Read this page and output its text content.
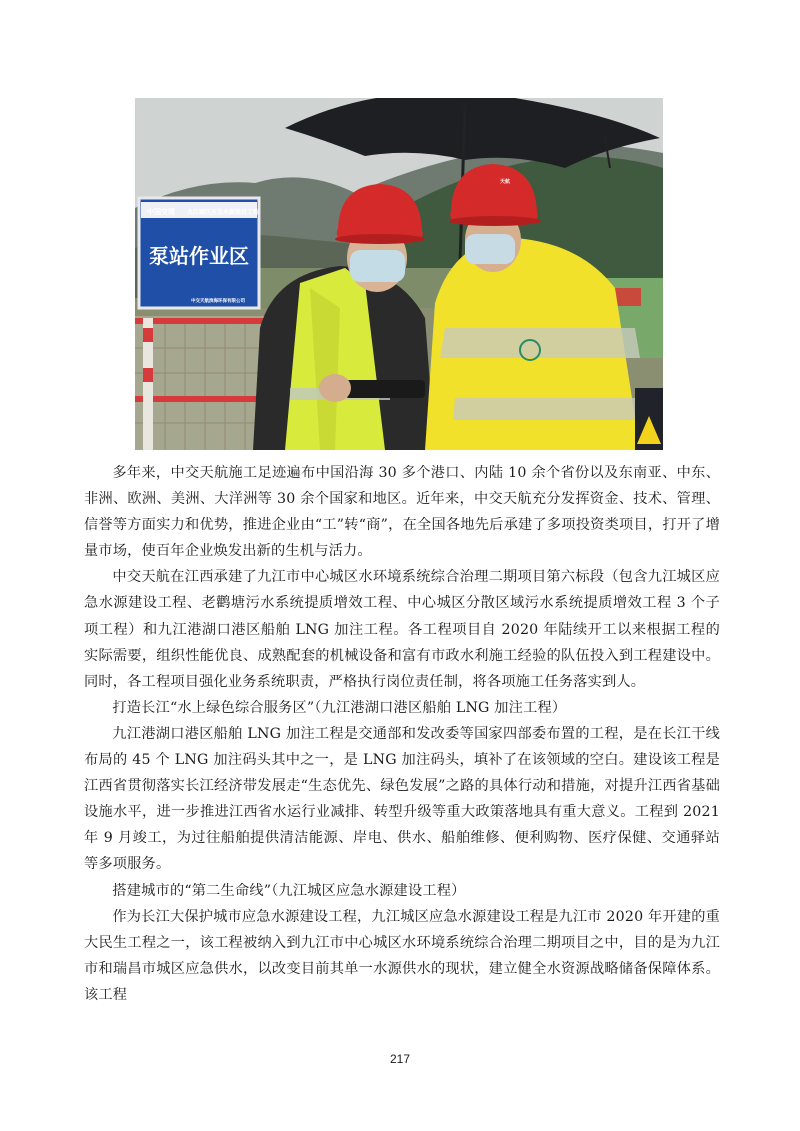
中国交建 九江城区应急水源建设工程
泵站作业区
中交天航滨海环保有限公司
天航

多年来，中交天航施工足迹遍布中国沿海 30 多个港口、内陆 10 余个省份以及东南亚、中东、非洲、欧洲、美洲、大洋洲等 30 余个国家和地区。近年来，中交天航充分发挥资金、技术、管理、信誉等方面实力和优势，推进企业由“工”转“商”，在全国各地先后承建了多项投资类项目，打开了增量市场，使百年企业焕发出新的生机与活力。

中交天航在江西承建了九江市中心城区水环境系统综合治理二期项目第六标段（包含九江城区应急水源建设工程、老鹳塘污水系统提质增效工程、中心城区分散区域污水系统提质增效工程 3 个子项工程）和九江港湖口港区船舶 LNG 加注工程。各工程项目自 2020 年陆续开工以来根据工程的实际需要，组织性能优良、成熟配套的机械设备和富有市政水利施工经验的队伍投入到工程建设中。同时，各工程项目强化业务系统职责，严格执行岗位责任制，将各项施工任务落实到人。

打造长江“水上绿色综合服务区”（九江港湖口港区船舶 LNG 加注工程）

九江港湖口港区船舶 LNG 加注工程是交通部和发改委等国家四部委布置的工程，是在长江干线布局的 45 个 LNG 加注码头其中之一，是 LNG 加注码头，填补了在该领域的空白。建设该工程是江西省贯彻落实长江经济带发展走“生态优先、绿色发展”之路的具体行动和措施，对提升江西省基础设施水平，进一步推进江西省水运行业减排、转型升级等重大政策落地具有重大意义。工程到 2021 年 9 月竣工，为过往船舶提供清洁能源、岸电、供水、船舶维修、便利购物、医疗保健、交通驿站等多项服务。

搭建城市的“第二生命线”（九江城区应急水源建设工程）

作为长江大保护城市应急水源建设工程，九江城区应急水源建设工程是九江市 2020 年开建的重大民生工程之一，该工程被纳入到九江市中心城区水环境系统综合治理二期项目之中，目的是为九江市和瑞昌市城区应急供水，以改变目前其单一水源供水的现状，建立健全水资源战略储备保障体系。该工程

217
